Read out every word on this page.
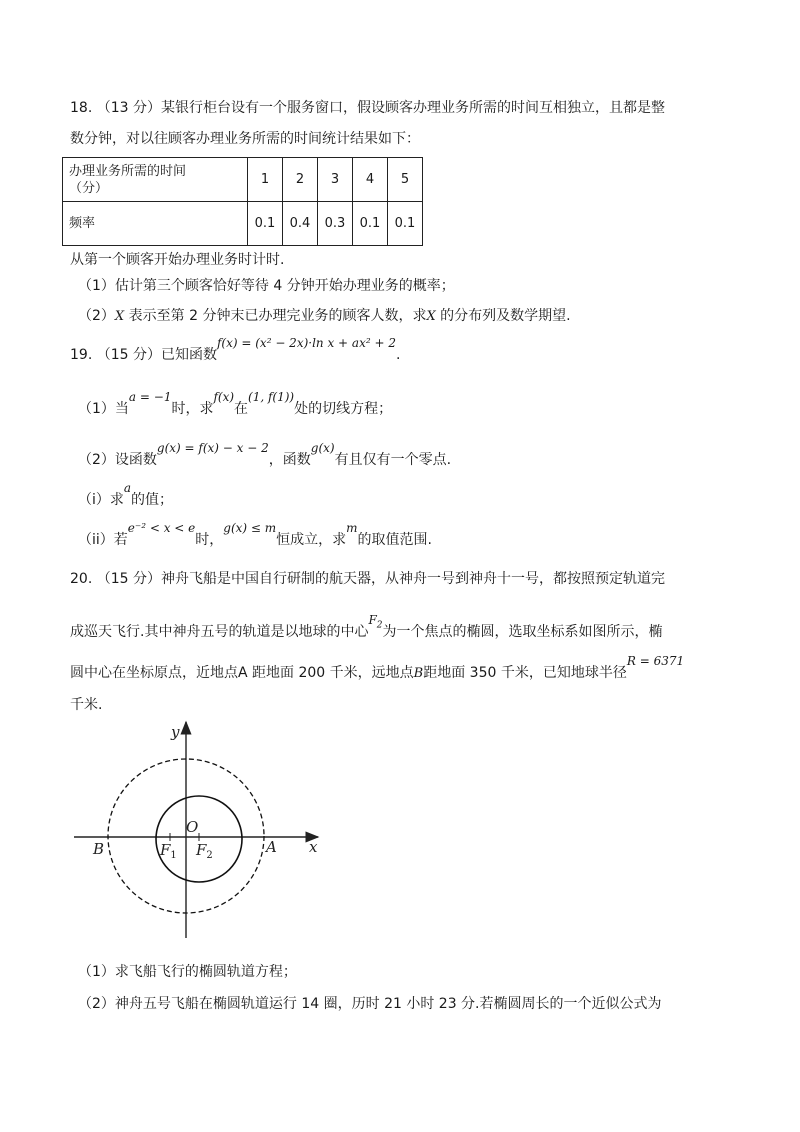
18. （13 分）某银行柜台设有一个服务窗口，假设顾客办理业务所需的时间互相独立，且都是整
数分钟，对以往顾客办理业务所需的时间统计结果如下：
办理业务所需的时间
（分）	1	2	3	4	5
频率	0.1	0.4	0.3	0.1	0.1
从第一个顾客开始办理业务时计时.
（1）估计第三个顾客恰好等待 4 分钟开始办理业务的概率；
（2）X 表示至第 2 分钟末已办理完业务的顾客人数，求X 的分布列及数学期望.
19. （15 分）已知函数f(x) = (x² − 2x)·ln x + ax² + 2.
（1）当a = −1时，求f(x)在(1, f(1))处的切线方程；
（2）设函数g(x) = f(x) − x − 2，函数g(x)有且仅有一个零点.
（i）求a的值；
（ii）若e⁻² < x < e时，g(x) ≤ m恒成立，求m的取值范围.
20. （15 分）神舟飞船是中国自行研制的航天器，从神舟一号到神舟十一号，都按照预定轨道完
成巡天飞行.其中神舟五号的轨道是以地球的中心$F_2$为一个焦点的椭圆，选取坐标系如图所示，椭
圆中心在坐标原点，近地点A 距地面 200 千米，远地点B距地面 350 千米，已知地球半径R = 6371
千米.
y
x
O
B	A
$F_1$ $F_2$
（1）求飞船飞行的椭圆轨道方程；
（2）神舟五号飞船在椭圆轨道运行 14 圈，历时 21 小时 23 分.若椭圆周长的一个近似公式为
